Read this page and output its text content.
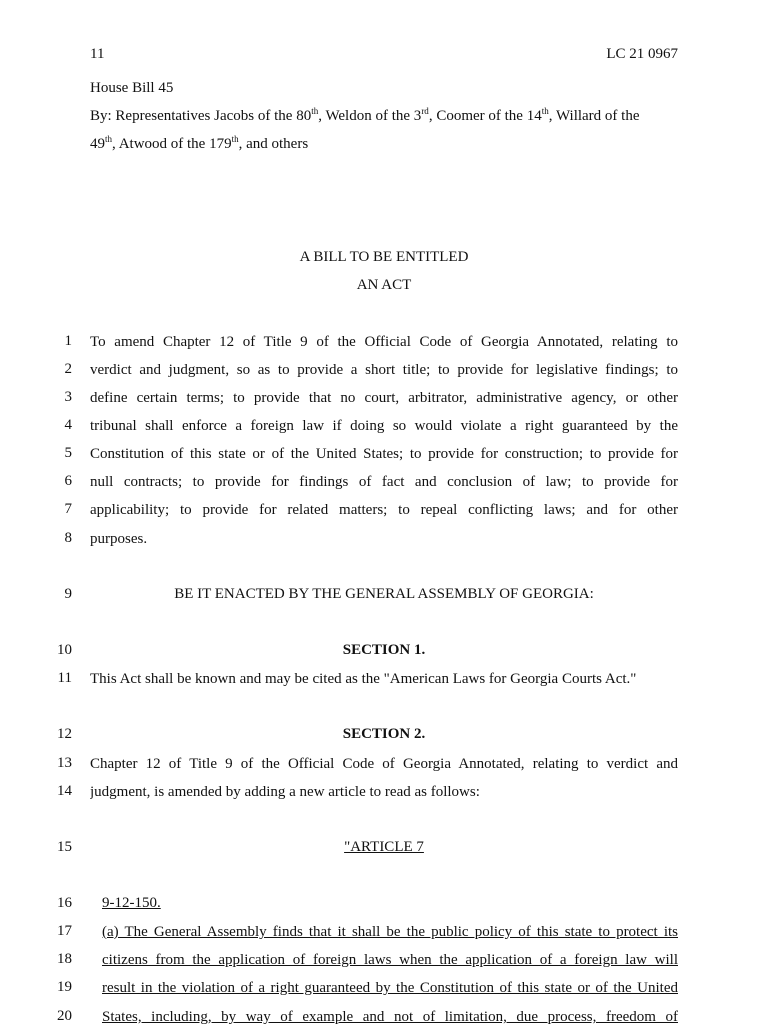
11	LC 21 0967
House Bill 45
By: Representatives Jacobs of the 80th, Weldon of the 3rd, Coomer of the 14th, Willard of the
49th, Atwood of the 179th, and others
A BILL TO BE ENTITLED
AN ACT
1 To amend Chapter 12 of Title 9 of the Official Code of Georgia Annotated, relating to
2 verdict and judgment, so as to provide a short title; to provide for legislative findings; to
3 define certain terms; to provide that no court, arbitrator, administrative agency, or other
4 tribunal shall enforce a foreign law if doing so would violate a right guaranteed by the
5 Constitution of this state or of the United States; to provide for construction; to provide for
6 null contracts; to provide for findings of fact and conclusion of law; to provide for
7 applicability; to provide for related matters; to repeal conflicting laws; and for other
8 purposes.
9	BE IT ENACTED BY THE GENERAL ASSEMBLY OF GEORGIA:
10	SECTION 1.
11 This Act shall be known and may be cited as the "American Laws for Georgia Courts Act."
12	SECTION 2.
13 Chapter 12 of Title 9 of the Official Code of Georgia Annotated, relating to verdict and
14 judgment, is amended by adding a new article to read as follows:
15	"ARTICLE 7
16 9-12-150.
17 (a) The General Assembly finds that it shall be the public policy of this state to protect its
18 citizens from the application of foreign laws when the application of a foreign law will
19 result in the violation of a right guaranteed by the Constitution of this state or of the United
20 States, including, by way of example and not of limitation, due process, freedom of
